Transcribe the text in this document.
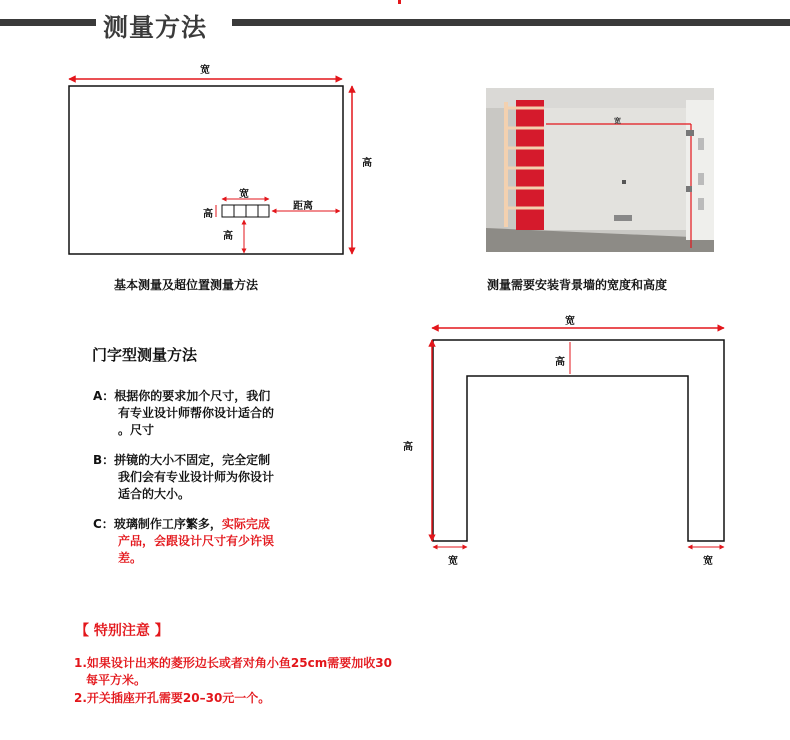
测量方法
宽
高
宽
高
距离
高
基本测量及超位置测量方法
宽
测量需要安装背景墙的宽度和高度
门字型测量方法
A：根据你的要求加个尺寸，我们
有专业设计师帮你设计适合的
。尺寸
B：拼镜的大小不固定，完全定制
我们会有专业设计师为你设计
适合的大小。
C：玻璃制作工序繁多，实际完成
产品，会跟设计尺寸有少许误
差。
宽
高
高
宽	宽
【 特别注意 】
1.如果设计出来的菱形边长或者对角小鱼25cm需要加收30
每平方米。
2.开关插座开孔需要20–30元一个。
